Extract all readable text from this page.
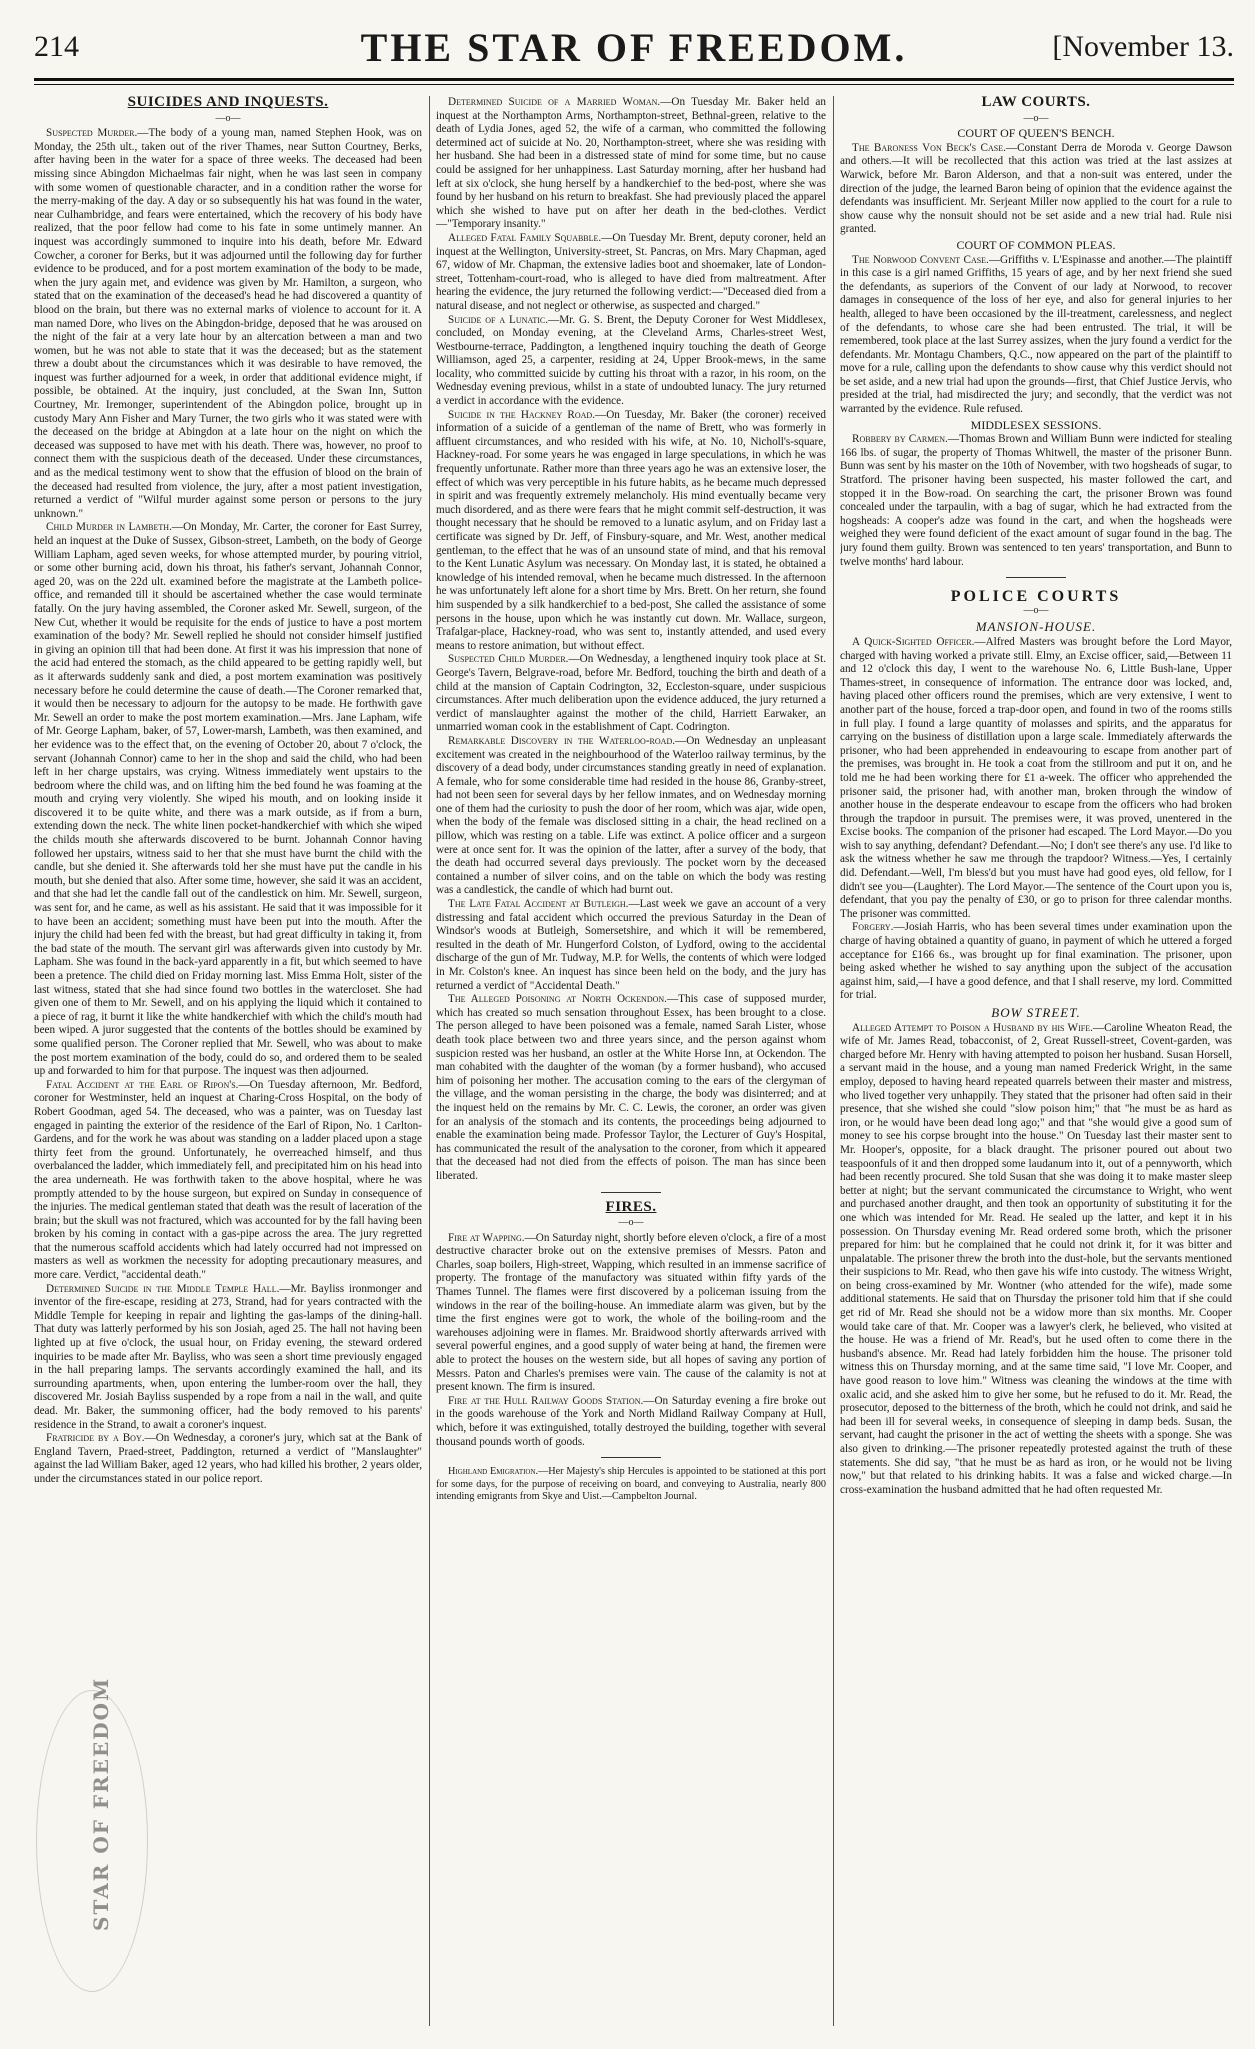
214	THE STAR OF FREEDOM.	[November 13.
SUICIDES AND INQUESTS.
—o—

Suspected Murder.—The body of a young man, named Stephen Hook, was on Monday, the 25th ult., taken out of the river Thames, near Sutton Courtney, Berks, after having been in the water for a space of three weeks. The deceased had been missing since Abingdon Michaelmas fair night, when he was last seen in company with some women of questionable character, and in a condition rather the worse for the merry-making of the day. A day or so subsequently his hat was found in the water, near Culhambridge, and fears were entertained, which the recovery of his body have realized, that the poor fellow had come to his fate in some untimely manner. An inquest was accordingly summoned to inquire into his death, before Mr. Edward Cowcher, a coroner for Berks, but it was adjourned until the following day for further evidence to be produced, and for a post mortem examination of the body to be made, when the jury again met, and evidence was given by Mr. Hamilton, a surgeon, who stated that on the examination of the deceased's head he had discovered a quantity of blood on the brain, but there was no external marks of violence to account for it. A man named Dore, who lives on the Abingdon-bridge, deposed that he was aroused on the night of the fair at a very late hour by an altercation between a man and two women, but he was not able to state that it was the deceased; but as the statement threw a doubt about the circumstances which it was desirable to have removed, the inquest was further adjourned for a week, in order that additional evidence might, if possible, be obtained. At the inquiry, just concluded, at the Swan Inn, Sutton Courtney, Mr. Iremonger, superintendent of the Abingdon police, brought up in custody Mary Ann Fisher and Mary Turner, the two girls who it was stated were with the deceased on the bridge at Abingdon at a late hour on the night on which the deceased was supposed to have met with his death. There was, however, no proof to connect them with the suspicious death of the deceased. Under these circumstances, and as the medical testimony went to show that the effusion of blood on the brain of the deceased had resulted from violence, the jury, after a most patient investigation, returned a verdict of "Wilful murder against some person or persons to the jury unknown."

Child Murder in Lambeth.—On Monday, Mr. Carter, the coroner for East Surrey, held an inquest at the Duke of Sussex, Gibson-street, Lambeth, on the body of George William Lapham, aged seven weeks, for whose attempted murder, by pouring vitriol, or some other burning acid, down his throat, his father's servant, Johannah Connor, aged 20, was on the 22d ult. examined before the magistrate at the Lambeth police-office, and remanded till it should be ascertained whether the case would terminate fatally. On the jury having assembled, the Coroner asked Mr. Sewell, surgeon, of the New Cut, whether it would be requisite for the ends of justice to have a post mortem examination of the body? Mr. Sewell replied he should not consider himself justified in giving an opinion till that had been done. At first it was his impression that none of the acid had entered the stomach, as the child appeared to be getting rapidly well, but as it afterwards suddenly sank and died, a post mortem examination was positively necessary before he could determine the cause of death.—The Coroner remarked that, it would then be necessary to adjourn for the autopsy to be made. He forthwith gave Mr. Sewell an order to make the post mortem examination.—Mrs. Jane Lapham, wife of Mr. George Lapham, baker, of 57, Lower-marsh, Lambeth, was then examined, and her evidence was to the effect that, on the evening of October 20, about 7 o'clock, the servant (Johannah Connor) came to her in the shop and said the child, who had been left in her charge upstairs, was crying. Witness immediately went upstairs to the bedroom where the child was, and on lifting him the bed found he was foaming at the mouth and crying very violently. She wiped his mouth, and on looking inside it discovered it to be quite white, and there was a mark outside, as if from a burn, extending down the neck. The white linen pocket-handkerchief with which she wiped the childs mouth she afterwards discovered to be burnt. Johannah Connor having followed her upstairs, witness said to her that she must have burnt the child with the candle, but she denied it. She afterwards told her she must have put the candle in his mouth, but she denied that also. After some time, however, she said it was an accident, and that she had let the candle fall out of the candlestick on him. Mr. Sewell, surgeon, was sent for, and he came, as well as his assistant. He said that it was impossible for it to have been an accident; something must have been put into the mouth. After the injury the child had been fed with the breast, but had great difficulty in taking it, from the bad state of the mouth. The servant girl was afterwards given into custody by Mr. Lapham. She was found in the back-yard apparently in a fit, but which seemed to have been a pretence. The child died on Friday morning last. Miss Emma Holt, sister of the last witness, stated that she had since found two bottles in the watercloset. She had given one of them to Mr. Sewell, and on his applying the liquid which it contained to a piece of rag, it burnt it like the white handkerchief with which the child's mouth had been wiped. A juror suggested that the contents of the bottles should be examined by some qualified person. The Coroner replied that Mr. Sewell, who was about to make the post mortem examination of the body, could do so, and ordered them to be sealed up and forwarded to him for that purpose. The inquest was then adjourned.

Fatal Accident at the Earl of Ripon's.—On Tuesday afternoon, Mr. Bedford, coroner for Westminster, held an inquest at Charing-Cross Hospital, on the body of Robert Goodman, aged 54. The deceased, who was a painter, was on Tuesday last engaged in painting the exterior of the residence of the Earl of Ripon, No. 1 Carlton-Gardens, and for the work he was about was standing on a ladder placed upon a stage thirty feet from the ground. Unfortunately, he overreached himself, and thus overbalanced the ladder, which immediately fell, and precipitated him on his head into the area underneath. He was forthwith taken to the above hospital, where he was promptly attended to by the house surgeon, but expired on Sunday in consequence of the injuries. The medical gentleman stated that death was the result of laceration of the brain; but the skull was not fractured, which was accounted for by the fall having been broken by his coming in contact with a gas-pipe across the area. The jury regretted that the numerous scaffold accidents which had lately occurred had not impressed on masters as well as workmen the necessity for adopting precautionary measures, and more care. Verdict, "accidental death."

Determined Suicide in the Middle Temple Hall.—Mr. Bayliss ironmonger and inventor of the fire-escape, residing at 273, Strand, had for years contracted with the Middle Temple for keeping in repair and lighting the gas-lamps of the dining-hall. That duty was latterly performed by his son Josiah, aged 25. The hall not having been lighted up at five o'clock, the usual hour, on Friday evening, the steward ordered inquiries to be made after Mr. Bayliss, who was seen a short time previously engaged in the hall preparing lamps. The servants accordingly examined the hall, and its surrounding apartments, when, upon entering the lumber-room over the hall, they discovered Mr. Josiah Bayliss suspended by a rope from a nail in the wall, and quite dead. Mr. Baker, the summoning officer, had the body removed to his parents' residence in the Strand, to await a coroner's inquest.

Fratricide by a Boy.—On Wednesday, a coroner's jury, which sat at the Bank of England Tavern, Praed-street, Paddington, returned a verdict of "Manslaughter" against the lad William Baker, aged 12 years, who had killed his brother, 2 years older, under the circumstances stated in our police report.

Determined Suicide of a Married Woman.—On Tuesday Mr. Baker held an inquest at the Northampton Arms, Northampton-street, Bethnal-green, relative to the death of Lydia Jones, aged 52, the wife of a carman, who committed the following determined act of suicide at No. 20, Northampton-street, where she was residing with her husband. She had been in a distressed state of mind for some time, but no cause could be assigned for her unhappiness. Last Saturday morning, after her husband had left at six o'clock, she hung herself by a handkerchief to the bed-post, where she was found by her husband on his return to breakfast. She had previously placed the apparel which she wished to have put on after her death in the bed-clothes. Verdict—"Temporary insanity."

Alleged Fatal Family Squabble.—On Tuesday Mr. Brent, deputy coroner, held an inquest at the Wellington, University-street, St. Pancras, on Mrs. Mary Chapman, aged 67, widow of Mr. Chapman, the extensive ladies boot and shoemaker, late of London-street, Tottenham-court-road, who is alleged to have died from maltreatment. After hearing the evidence, the jury returned the following verdict:—"Deceased died from a natural disease, and not neglect or otherwise, as suspected and charged."

Suicide of a Lunatic.—Mr. G. S. Brent, the Deputy Coroner for West Middlesex, concluded, on Monday evening, at the Cleveland Arms, Charles-street West, Westbourne-terrace, Paddington, a lengthened inquiry touching the death of George Williamson, aged 25, a carpenter, residing at 24, Upper Brook-mews, in the same locality, who committed suicide by cutting his throat with a razor, in his room, on the Wednesday evening previous, whilst in a state of undoubted lunacy. The jury returned a verdict in accordance with the evidence.

Suicide in the Hackney Road.—On Tuesday, Mr. Baker (the coroner) received information of a suicide of a gentleman of the name of Brett, who was formerly in affluent circumstances, and who resided with his wife, at No. 10, Nicholl's-square, Hackney-road. For some years he was engaged in large speculations, in which he was frequently unfortunate. Rather more than three years ago he was an extensive loser, the effect of which was very perceptible in his future habits, as he became much depressed in spirit and was frequently extremely melancholy. His mind eventually became very much disordered, and as there were fears that he might commit self-destruction, it was thought necessary that he should be removed to a lunatic asylum, and on Friday last a certificate was signed by Dr. Jeff, of Finsbury-square, and Mr. West, another medical gentleman, to the effect that he was of an unsound state of mind, and that his removal to the Kent Lunatic Asylum was necessary. On Monday last, it is stated, he obtained a knowledge of his intended removal, when he became much distressed. In the afternoon he was unfortunately left alone for a short time by Mrs. Brett. On her return, she found him suspended by a silk handkerchief to a bed-post, She called the assistance of some persons in the house, upon which he was instantly cut down. Mr. Wallace, surgeon, Trafalgar-place, Hackney-road, who was sent to, instantly attended, and used every means to restore animation, but without effect.

Suspected Child Murder.—On Wednesday, a lengthened inquiry took place at St. George's Tavern, Belgrave-road, before Mr. Bedford, touching the birth and death of a child at the mansion of Captain Codrington, 32, Eccleston-square, under suspicious circumstances. After much deliberation upon the evidence adduced, the jury returned a verdict of manslaughter against the mother of the child, Harriett Earwaker, an unmarried woman cook in the establishment of Capt. Codrington.

Remarkable Discovery in the Waterloo-road.—On Wednesday an unpleasant excitement was created in the neighbourhood of the Waterloo railway terminus, by the discovery of a dead body, under circumstances standing greatly in need of explanation. A female, who for some considerable time had resided in the house 86, Granby-street, had not been seen for several days by her fellow inmates, and on Wednesday morning one of them had the curiosity to push the door of her room, which was ajar, wide open, when the body of the female was disclosed sitting in a chair, the head reclined on a pillow, which was resting on a table. Life was extinct. A police officer and a surgeon were at once sent for. It was the opinion of the latter, after a survey of the body, that the death had occurred several days previously. The pocket worn by the deceased contained a number of silver coins, and on the table on which the body was resting was a candlestick, the candle of which had burnt out.

The Late Fatal Accident at Butleigh.—Last week we gave an account of a very distressing and fatal accident which occurred the previous Saturday in the Dean of Windsor's woods at Butleigh, Somersetshire, and which it will be remembered, resulted in the death of Mr. Hungerford Colston, of Lydford, owing to the accidental discharge of the gun of Mr. Tudway, M.P. for Wells, the contents of which were lodged in Mr. Colston's knee. An inquest has since been held on the body, and the jury has returned a verdict of "Accidental Death."

The Alleged Poisoning at North Ockendon.—This case of supposed murder, which has created so much sensation throughout Essex, has been brought to a close. The person alleged to have been poisoned was a female, named Sarah Lister, whose death took place between two and three years since, and the person against whom suspicion rested was her husband, an ostler at the White Horse Inn, at Ockendon. The man cohabited with the daughter of the woman (by a former husband), who accused him of poisoning her mother. The accusation coming to the ears of the clergyman of the village, and the woman persisting in the charge, the body was disinterred; and at the inquest held on the remains by Mr. C. C. Lewis, the coroner, an order was given for an analysis of the stomach and its contents, the proceedings being adjourned to enable the examination being made. Professor Taylor, the Lecturer of Guy's Hospital, has communicated the result of the analysation to the coroner, from which it appeared that the deceased had not died from the effects of poison. The man has since been liberated.

FIRES.
—o—

Fire at Wapping.—On Saturday night, shortly before eleven o'clock, a fire of a most destructive character broke out on the extensive premises of Messrs. Paton and Charles, soap boilers, High-street, Wapping, which resulted in an immense sacrifice of property. The frontage of the manufactory was situated within fifty yards of the Thames Tunnel. The flames were first discovered by a policeman issuing from the windows in the rear of the boiling-house. An immediate alarm was given, but by the time the first engines were got to work, the whole of the boiling-room and the warehouses adjoining were in flames. Mr. Braidwood shortly afterwards arrived with several powerful engines, and a good supply of water being at hand, the firemen were able to protect the houses on the western side, but all hopes of saving any portion of Messrs. Paton and Charles's premises were vain. The cause of the calamity is not at present known. The firm is insured.

Fire at the Hull Railway Goods Station.—On Saturday evening a fire broke out in the goods warehouse of the York and North Midland Railway Company at Hull, which, before it was extinguished, totally destroyed the building, together with several thousand pounds worth of goods.

Highland Emigration.—Her Majesty's ship Hercules is appointed to be stationed at this port for some days, for the purpose of receiving on board, and conveying to Australia, nearly 800 intending emigrants from Skye and Uist.—Campbelton Journal.

LAW COURTS.
—o—
COURT OF QUEEN'S BENCH.

The Baroness Von Beck's Case.—Constant Derra de Moroda v. George Dawson and others.—It will be recollected that this action was tried at the last assizes at Warwick, before Mr. Baron Alderson, and that a non-suit was entered, under the direction of the judge, the learned Baron being of opinion that the evidence against the defendants was insufficient. Mr. Serjeant Miller now applied to the court for a rule to show cause why the nonsuit should not be set aside and a new trial had. Rule nisi granted.

COURT OF COMMON PLEAS.

The Norwood Convent Case.—Griffiths v. L'Espinasse and another.—The plaintiff in this case is a girl named Griffiths, 15 years of age, and by her next friend she sued the defendants, as superiors of the Convent of our lady at Norwood, to recover damages in consequence of the loss of her eye, and also for general injuries to her health, alleged to have been occasioned by the ill-treatment, carelessness, and neglect of the defendants, to whose care she had been entrusted. The trial, it will be remembered, took place at the last Surrey assizes, when the jury found a verdict for the defendants. Mr. Montagu Chambers, Q.C., now appeared on the part of the plaintiff to move for a rule, calling upon the defendants to show cause why this verdict should not be set aside, and a new trial had upon the grounds—first, that Chief Justice Jervis, who presided at the trial, had misdirected the jury; and secondly, that the verdict was not warranted by the evidence. Rule refused.

MIDDLESEX SESSIONS.

Robbery by Carmen.—Thomas Brown and William Bunn were indicted for stealing 166 lbs. of sugar, the property of Thomas Whitwell, the master of the prisoner Bunn. Bunn was sent by his master on the 10th of November, with two hogsheads of sugar, to Stratford. The prisoner having been suspected, his master followed the cart, and stopped it in the Bow-road. On searching the cart, the prisoner Brown was found concealed under the tarpaulin, with a bag of sugar, which he had extracted from the hogsheads: A cooper's adze was found in the cart, and when the hogsheads were weighed they were found deficient of the exact amount of sugar found in the bag. The jury found them guilty. Brown was sentenced to ten years' transportation, and Bunn to twelve months' hard labour.

POLICE COURTS
—o—
MANSION-HOUSE.

A Quick-Sighted Officer.—Alfred Masters was brought before the Lord Mayor, charged with having worked a private still. Elmy, an Excise officer, said,—Between 11 and 12 o'clock this day, I went to the warehouse No. 6, Little Bush-lane, Upper Thames-street, in consequence of information. The entrance door was locked, and, having placed other officers round the premises, which are very extensive, I went to another part of the house, forced a trap-door open, and found in two of the rooms stills in full play. I found a large quantity of molasses and spirits, and the apparatus for carrying on the business of distillation upon a large scale. Immediately afterwards the prisoner, who had been apprehended in endeavouring to escape from another part of the premises, was brought in. He took a coat from the stillroom and put it on, and he told me he had been working there for £1 a-week. The officer who apprehended the prisoner said, the prisoner had, with another man, broken through the window of another house in the desperate endeavour to escape from the officers who had broken through the trapdoor in pursuit. The premises were, it was proved, unentered in the Excise books. The companion of the prisoner had escaped. The Lord Mayor.—Do you wish to say anything, defendant? Defendant.—No; I don't see there's any use. I'd like to ask the witness whether he saw me through the trapdoor? Witness.—Yes, I certainly did. Defendant.—Well, I'm bless'd but you must have had good eyes, old fellow, for I didn't see you—(Laughter). The Lord Mayor.—The sentence of the Court upon you is, defendant, that you pay the penalty of £30, or go to prison for three calendar months. The prisoner was committed.

Forgery.—Josiah Harris, who has been several times under examination upon the charge of having obtained a quantity of guano, in payment of which he uttered a forged acceptance for £166 6s., was brought up for final examination. The prisoner, upon being asked whether he wished to say anything upon the subject of the accusation against him, said,—I have a good defence, and that I shall reserve, my lord. Committed for trial.

BOW STREET.

Alleged Attempt to Poison a Husband by his Wife.—Caroline Wheaton Read, the wife of Mr. James Read, tobacconist, of 2, Great Russell-street, Covent-garden, was charged before Mr. Henry with having attempted to poison her husband. Susan Horsell, a servant maid in the house, and a young man named Frederick Wright, in the same employ, deposed to having heard repeated quarrels between their master and mistress, who lived together very unhappily. They stated that the prisoner had often said in their presence, that she wished she could "slow poison him;" that "he must be as hard as iron, or he would have been dead long ago;" and that "she would give a good sum of money to see his corpse brought into the house." On Tuesday last their master sent to Mr. Hooper's, opposite, for a black draught. The prisoner poured out about two teaspoonfuls of it and then dropped some laudanum into it, out of a pennyworth, which had been recently procured. She told Susan that she was doing it to make master sleep better at night; but the servant communicated the circumstance to Wright, who went and purchased another draught, and then took an opportunity of substituting it for the one which was intended for Mr. Read. He sealed up the latter, and kept it in his possession. On Thursday evening Mr. Read ordered some broth, which the prisoner prepared for him: but he complained that he could not drink it, for it was bitter and unpalatable. The prisoner threw the broth into the dust-hole, but the servants mentioned their suspicions to Mr. Read, who then gave his wife into custody. The witness Wright, on being cross-examined by Mr. Wontner (who attended for the wife), made some additional statements. He said that on Thursday the prisoner told him that if she could get rid of Mr. Read she should not be a widow more than six months. Mr. Cooper would take care of that. Mr. Cooper was a lawyer's clerk, he believed, who visited at the house. He was a friend of Mr. Read's, but he used often to come there in the husband's absence. Mr. Read had lately forbidden him the house. The prisoner told witness this on Thursday morning, and at the same time said, "I love Mr. Cooper, and have good reason to love him." Witness was cleaning the windows at the time with oxalic acid, and she asked him to give her some, but he refused to do it. Mr. Read, the prosecutor, deposed to the bitterness of the broth, which he could not drink, and said he had been ill for several weeks, in consequence of sleeping in damp beds. Susan, the servant, had caught the prisoner in the act of wetting the sheets with a sponge. She was also given to drinking.—The prisoner repeatedly protested against the truth of these statements. She did say, "that he must be as hard as iron, or he would not be living now," but that related to his drinking habits. It was a false and wicked charge.—In cross-examination the husband admitted that he had often requested Mr.

STAR OF FREEDOM
